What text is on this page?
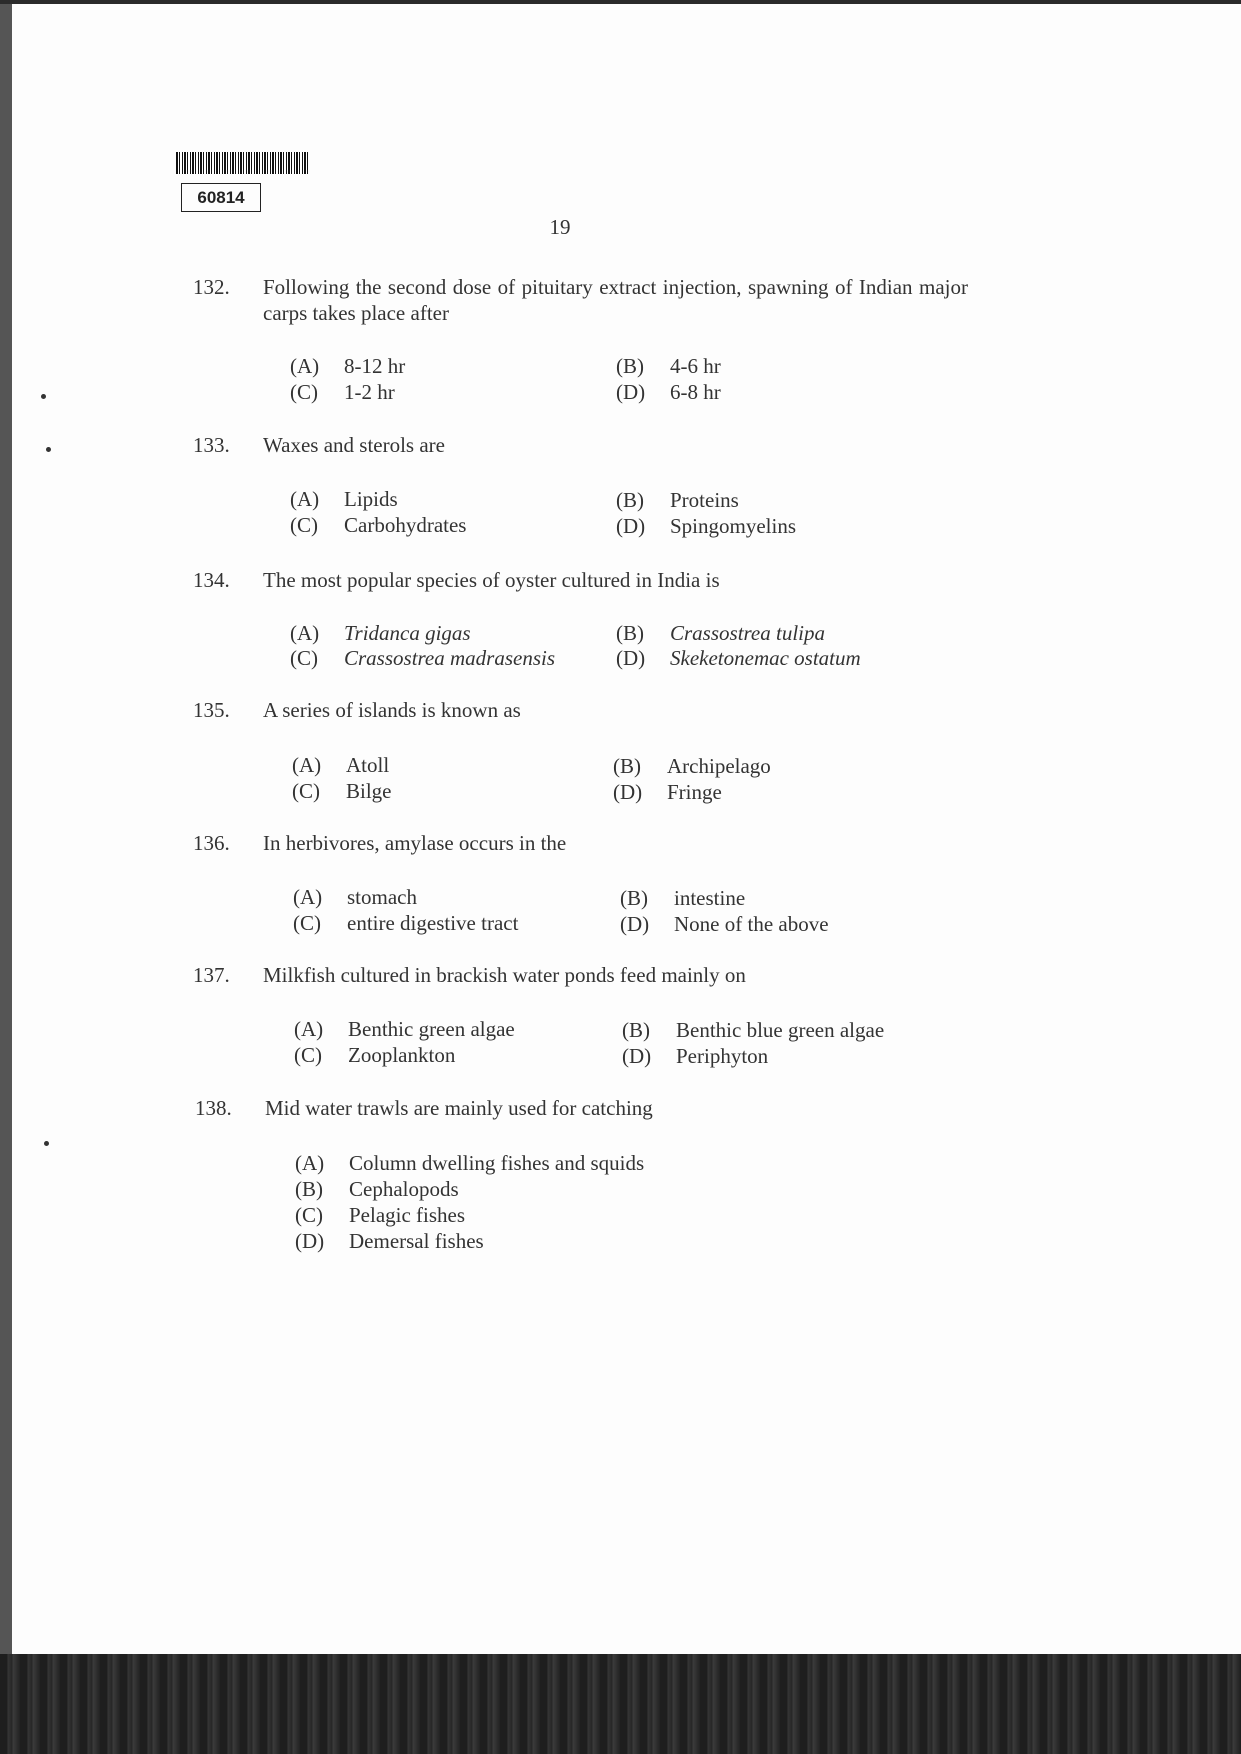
60814
19
132. Following the second dose of pituitary extract injection, spawning of Indian major carps takes place after
(A) 8-12 hr	(B) 4-6 hr
(C) 1-2 hr	(D) 6-8 hr
133. Waxes and sterols are
(A) Lipids	(B) Proteins
(C) Carbohydrates	(D) Spingomyelins
134. The most popular species of oyster cultured in India is
(A) Tridanca gigas	(B) Crassostrea tulipa
(C) Crassostrea madrasensis	(D) Skeketonemac ostatum
135. A series of islands is known as
(A) Atoll	(B) Archipelago
(C) Bilge	(D) Fringe
136. In herbivores, amylase occurs in the
(A) stomach	(B) intestine
(C) entire digestive tract	(D) None of the above
137. Milkfish cultured in brackish water ponds feed mainly on
(A) Benthic green algae	(B) Benthic blue green algae
(C) Zooplankton	(D) Periphyton
138. Mid water trawls are mainly used for catching
(A) Column dwelling fishes and squids
(B) Cephalopods
(C) Pelagic fishes
(D) Demersal fishes
